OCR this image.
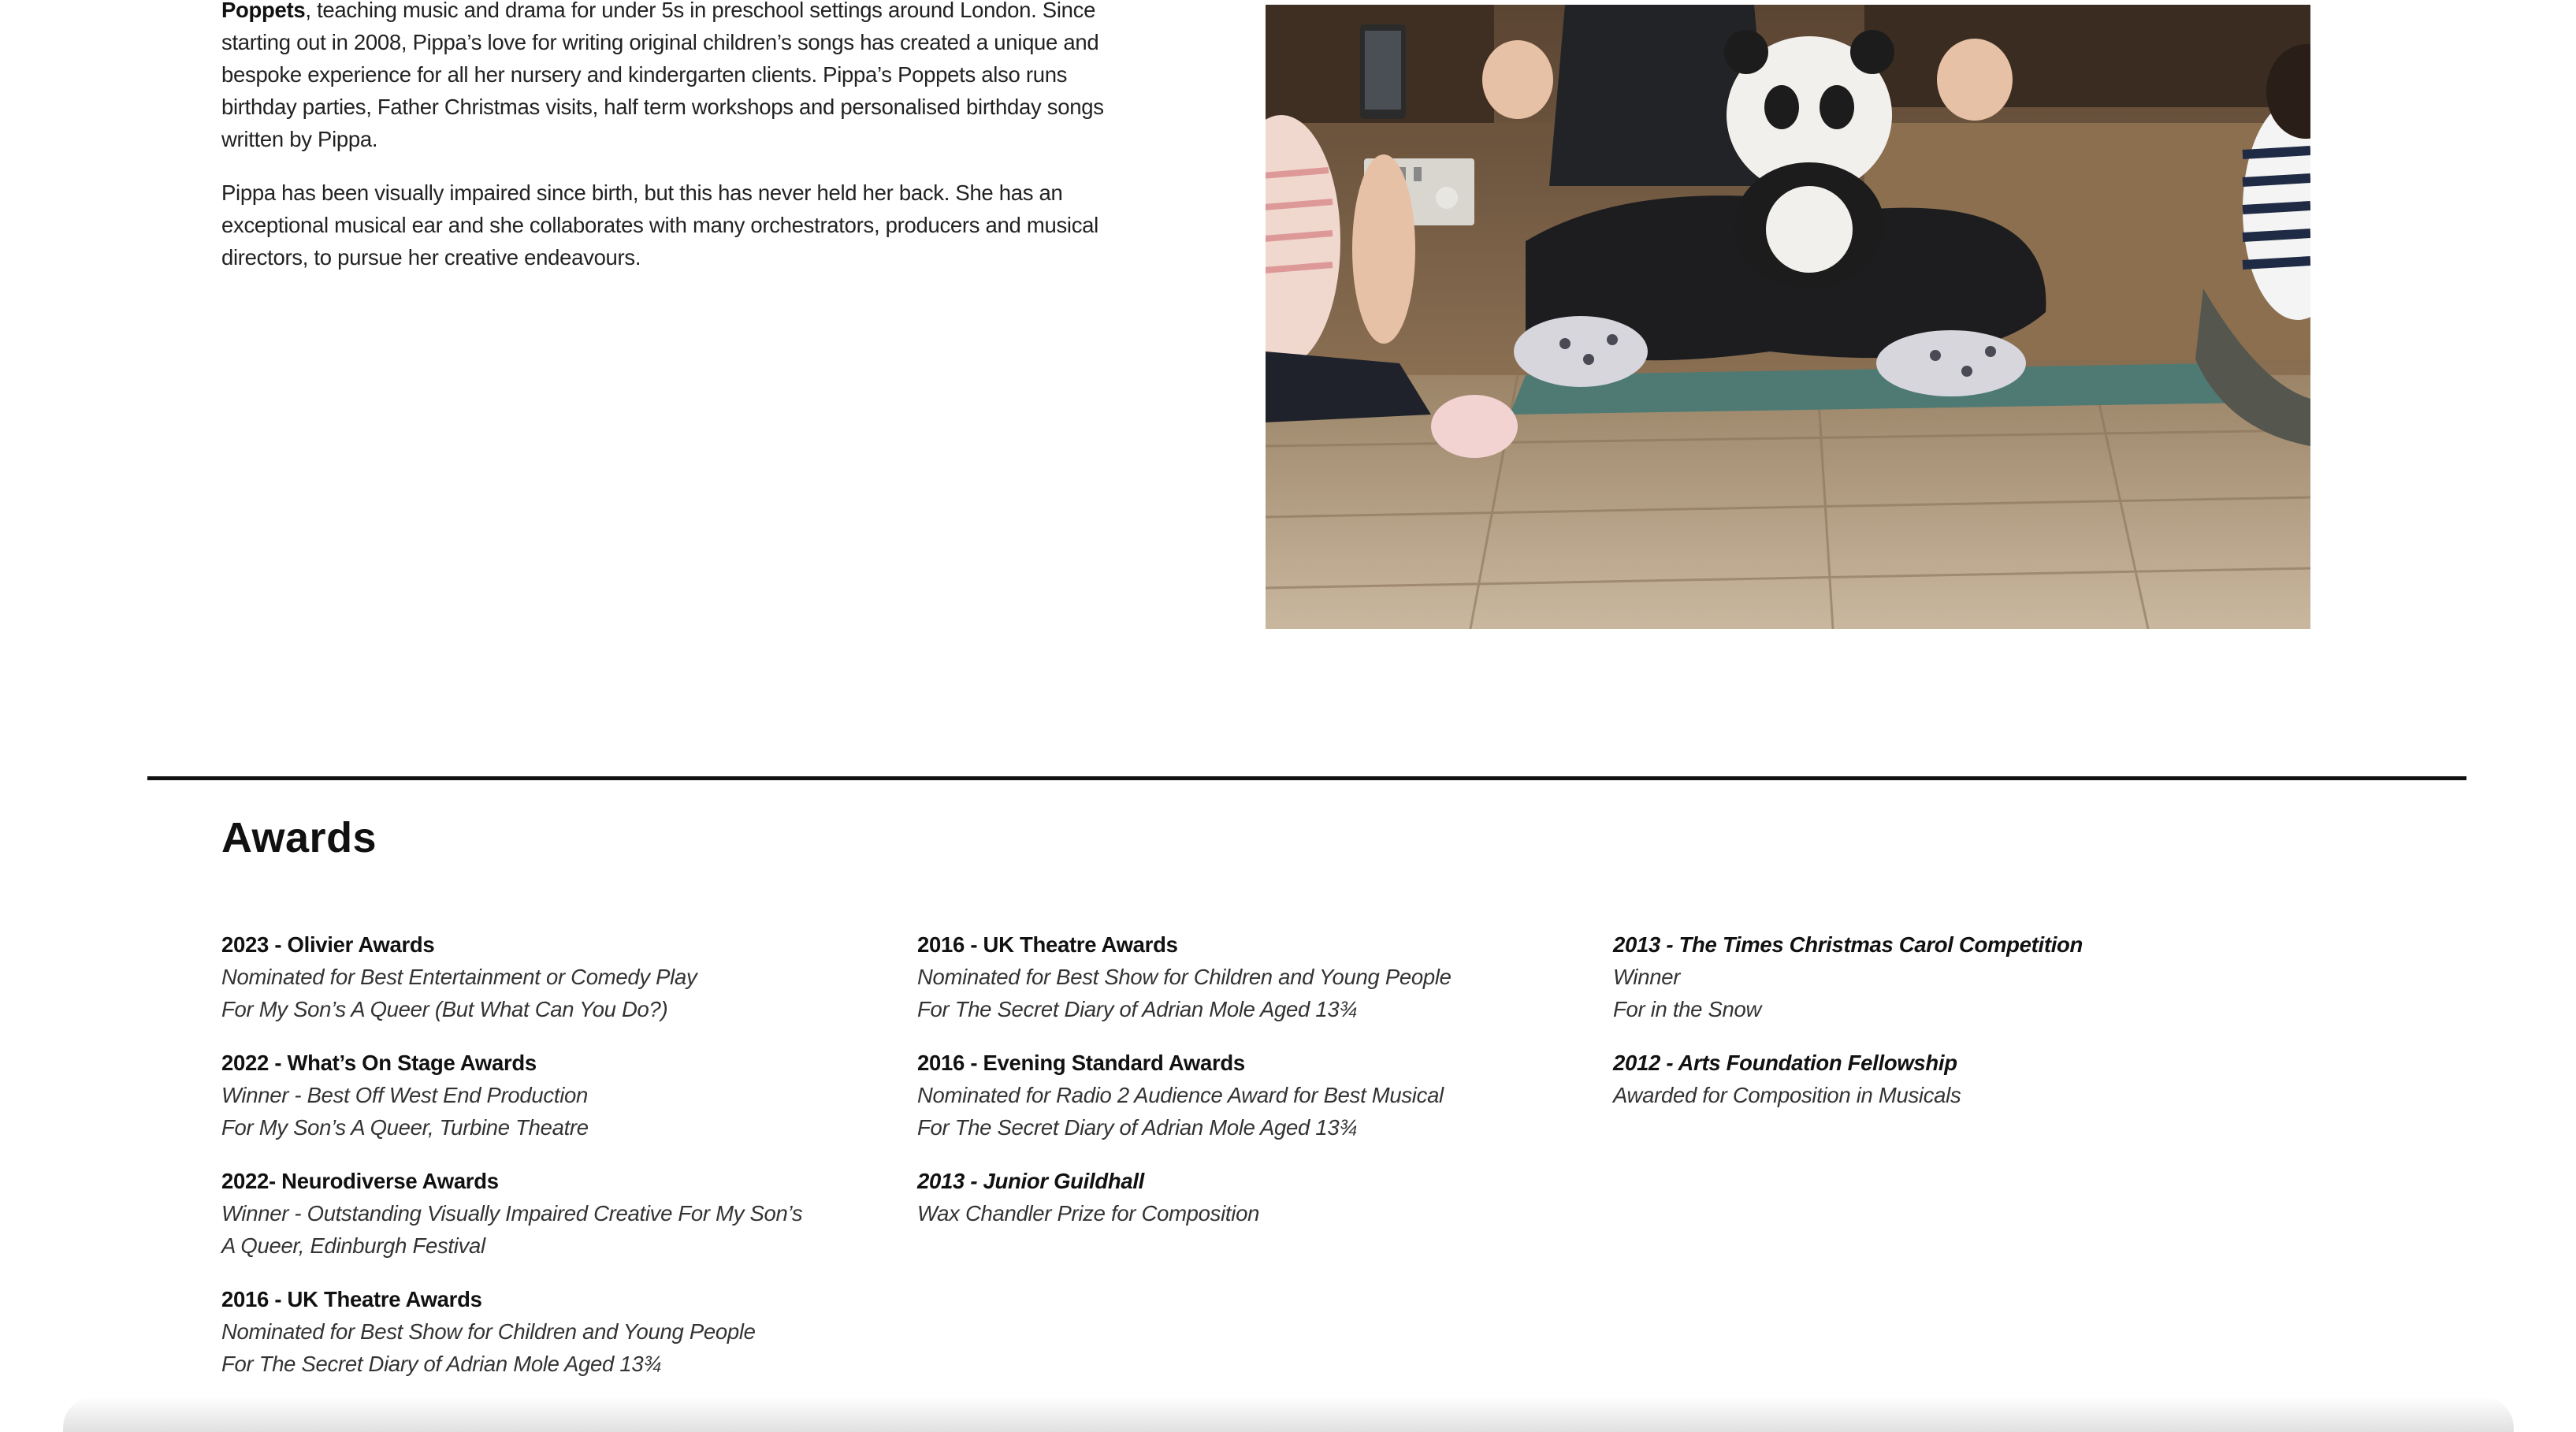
Poppets, teaching music and drama for under 5s in preschool settings around London. Since starting out in 2008, Pippa’s love for writing original children’s songs has created a unique and bespoke experience for all her nursery and kindergarten clients. Pippa’s Poppets also runs birthday parties, Father Christmas visits, half term workshops and personalised birthday songs written by Pippa.

Pippa has been visually impaired since birth, but this has never held her back. She has an exceptional musical ear and she collaborates with many orchestrators, producers and musical directors, to pursue her creative endeavours.

Awards
2023 - Olivier Awards
Nominated for Best Entertainment or Comedy Play
For My Son’s A Queer (But What Can You Do?)
2022 - What’s On Stage Awards
Winner - Best Off West End Production
For My Son’s A Queer, Turbine Theatre
2022- Neurodiverse Awards
Winner - Outstanding Visually Impaired Creative For My Son’s
A Queer, Edinburgh Festival
2016 - UK Theatre Awards
Nominated for Best Show for Children and Young People
For The Secret Diary of Adrian Mole Aged 13¾
2016 - UK Theatre Awards
Nominated for Best Show for Children and Young People
For The Secret Diary of Adrian Mole Aged 13¾
2016 - Evening Standard Awards
Nominated for Radio 2 Audience Award for Best Musical
For The Secret Diary of Adrian Mole Aged 13¾
2013 - Junior Guildhall
Wax Chandler Prize for Composition
2013 - The Times Christmas Carol Competition
Winner
For in the Snow
2012 - Arts Foundation Fellowship
Awarded for Composition in Musicals
